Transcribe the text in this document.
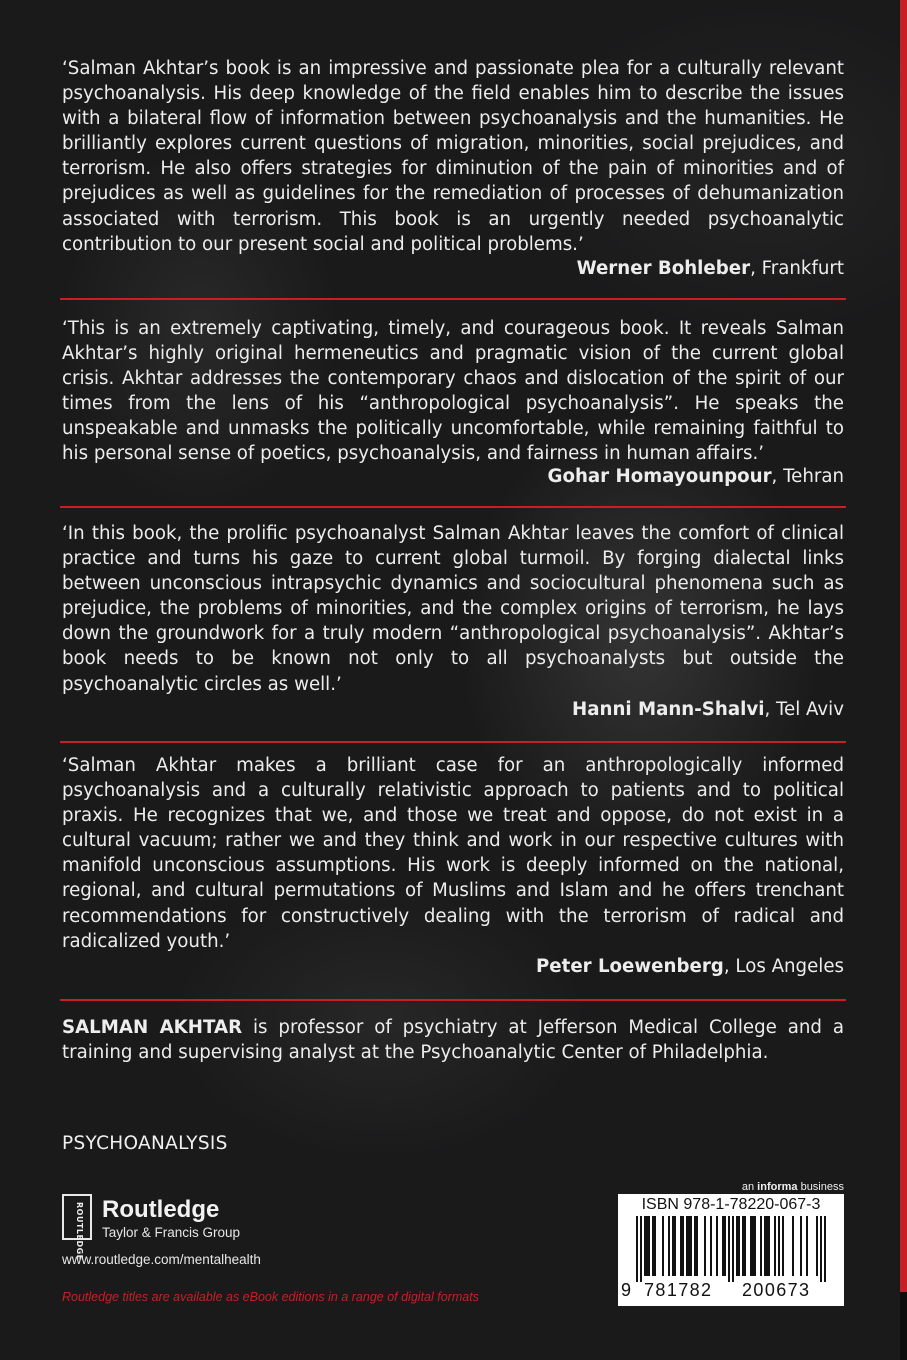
‘Salman Akhtar’s book is an impressive and passionate plea for a culturally relevant psychoanalysis. His deep knowledge of the field enables him to describe the issues with a bilateral flow of information between psychoanalysis and the humanities. He brilliantly explores current questions of migration, minorities, social prejudices, and terrorism. He also offers strategies for diminution of the pain of minorities and of prejudices as well as guidelines for the remediation of processes of dehumanization associated with terrorism. This book is an urgently needed psychoanalytic contribution to our present social and political problems.’

Werner Bohleber, Frankfurt

‘This is an extremely captivating, timely, and courageous book. It reveals Salman Akhtar’s highly original hermeneutics and pragmatic vision of the current global crisis. Akhtar addresses the contemporary chaos and dislocation of the spirit of our times from the lens of his “anthropological psychoanalysis”. He speaks the unspeakable and unmasks the politically uncomfortable, while remaining faithful to his personal sense of poetics, psychoanalysis, and fairness in human affairs.’

Gohar Homayounpour, Tehran

‘In this book, the prolific psychoanalyst Salman Akhtar leaves the comfort of clinical practice and turns his gaze to current global turmoil. By forging dialectal links between unconscious intrapsychic dynamics and sociocultural phenomena such as prejudice, the problems of minorities, and the complex origins of terrorism, he lays down the groundwork for a truly modern “anthropological psychoanalysis”. Akhtar’s book needs to be known not only to all psychoanalysts but outside the psychoanalytic circles as well.’

Hanni Mann-Shalvi, Tel Aviv

‘Salman Akhtar makes a brilliant case for an anthropologically informed psychoanalysis and a culturally relativistic approach to patients and to political praxis. He recognizes that we, and those we treat and oppose, do not exist in a cultural vacuum; rather we and they think and work in our respective cultures with manifold unconscious assumptions. His work is deeply informed on the national, regional, and cultural permutations of Muslims and Islam and he offers trenchant recommendations for constructively dealing with the terrorism of radical and radicalized youth.’

Peter Loewenberg, Los Angeles

SALMAN AKHTAR is professor of psychiatry at Jefferson Medical College and a training and supervising analyst at the Psychoanalytic Center of Philadelphia.

PSYCHOANALYSIS
ROUTLEDGE Routledge
Taylor & Francis Group
www.routledge.com/mentalhealth
Routledge titles are available as eBook editions in a range of digital formats
an informa business
ISBN 978-1-78220-067-3
9 781782 200673
